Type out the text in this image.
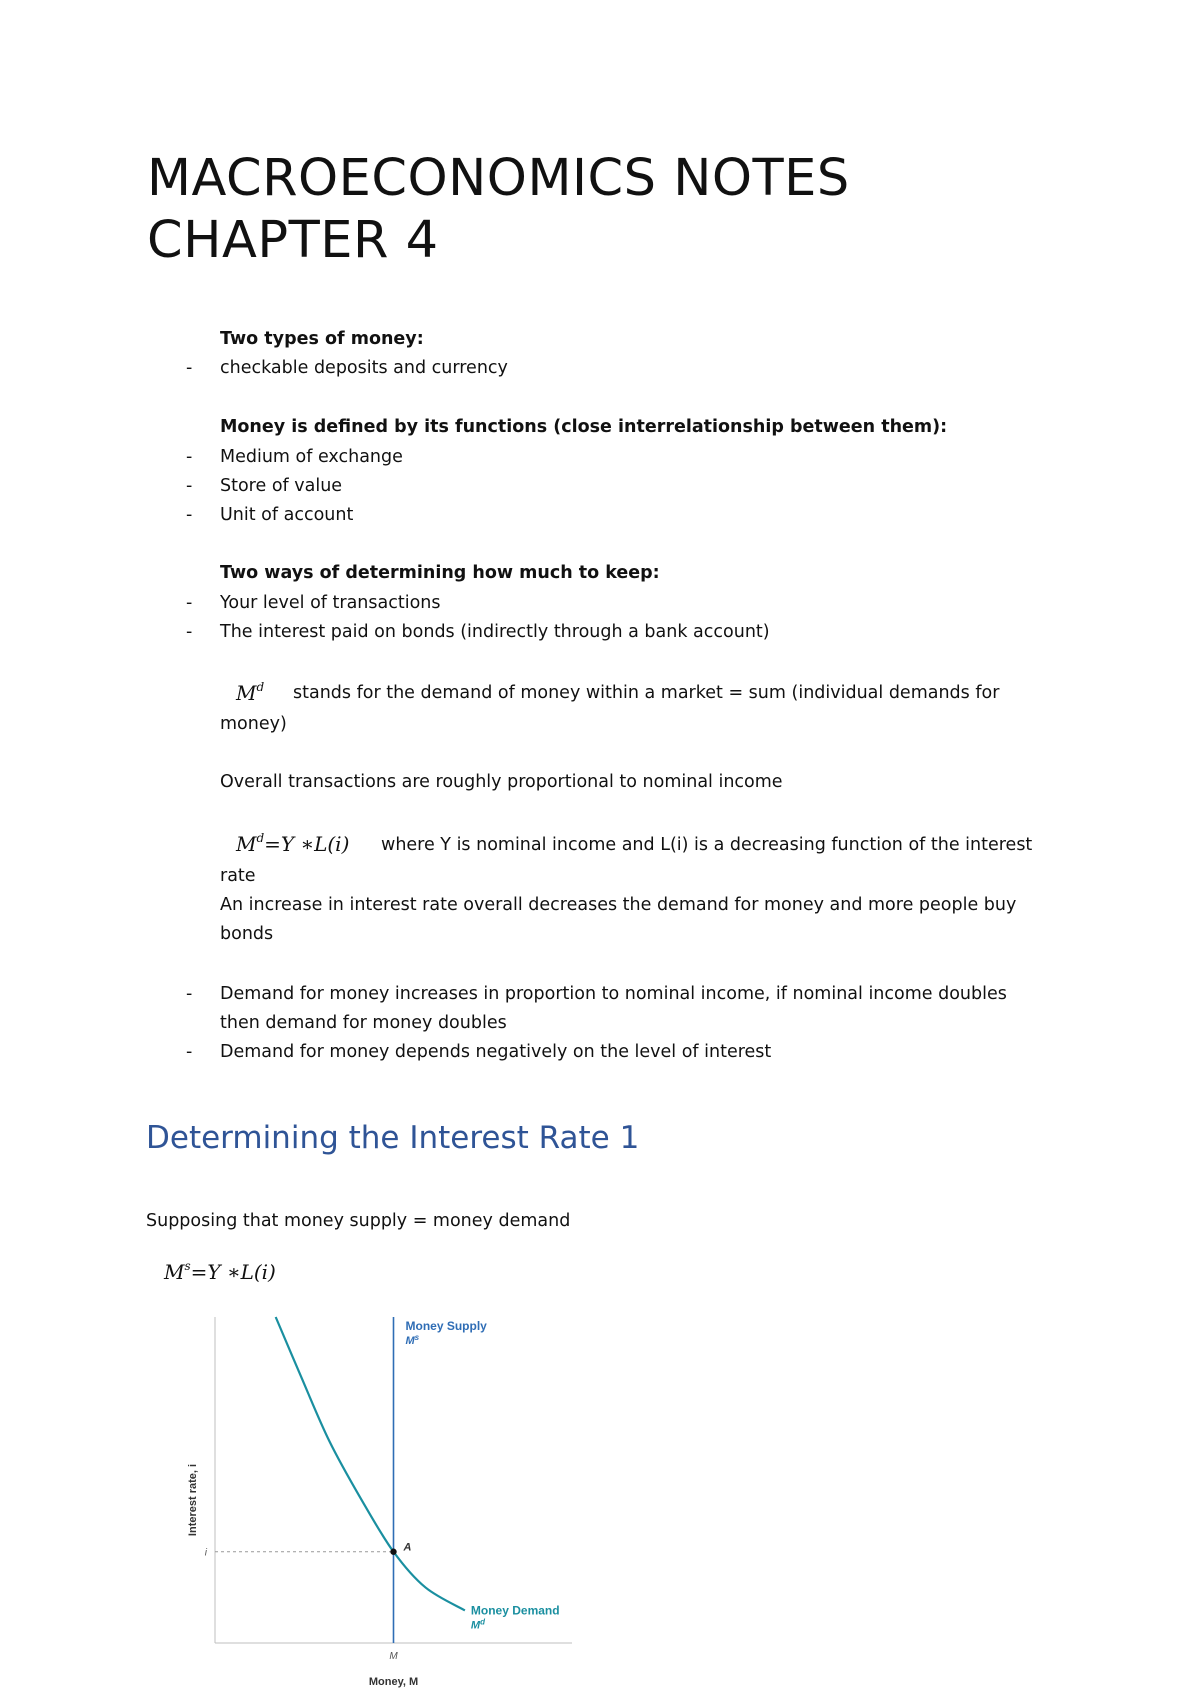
MACROECONOMICS NOTES
CHAPTER 4
Two types of money:
- checkable deposits and currency
Money is defined by its functions (close interrelationship between them):
- Medium of exchange
- Store of value
- Unit of account
Two ways of determining how much to keep:
- Your level of transactions
- The interest paid on bonds (indirectly through a bank account)
$M^d$ stands for the demand of money within a market = sum (individual demands for
money)
Overall transactions are roughly proportional to nominal income
$M^d=Y$ ∗L(i) where Y is nominal income and L(i) is a decreasing function of the interest
rate
An increase in interest rate overall decreases the demand for money and more people buy
bonds
- Demand for money increases in proportion to nominal income, if nominal income doubles
then demand for money doubles
- Demand for money depends negatively on the level of interest
Determining the Interest Rate 1
Supposing that money supply = money demand
$M^s=Y$ ∗L(i)
A
i
M
Money, M
Interest rate, i
Money Supply
$M^s$
Money Demand
$M^d$
